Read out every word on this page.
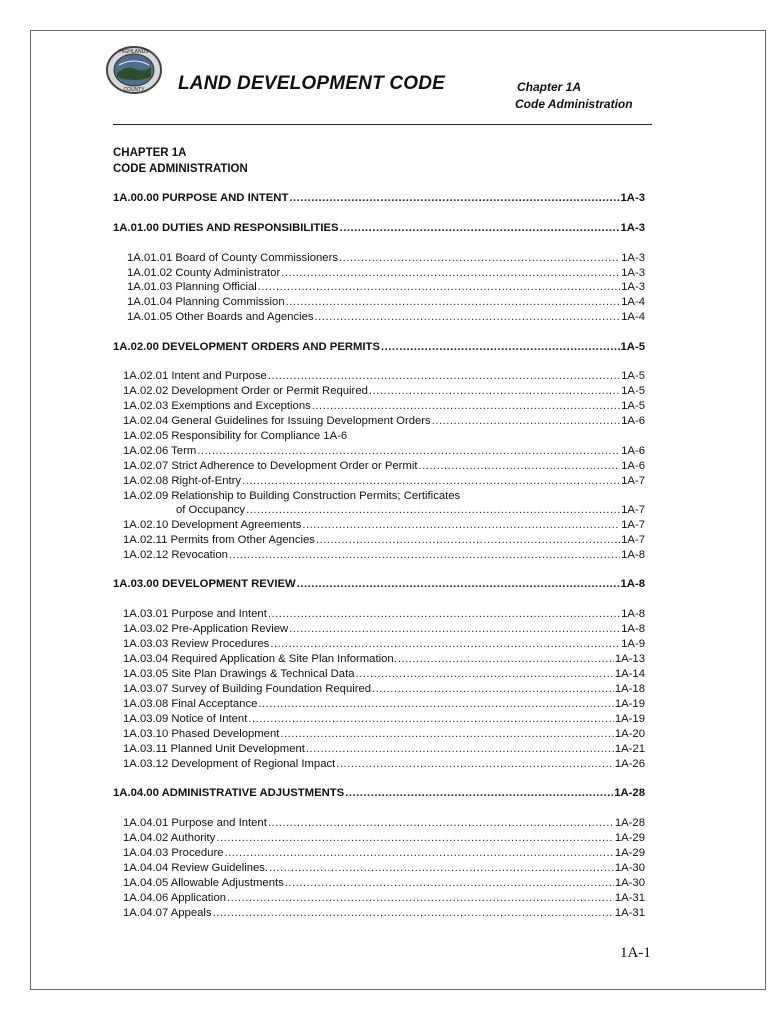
HIGHLANDS
COUNTY LAND DEVELOPMENT CODE	Chapter 1A
Code Administration
CHAPTER 1A
CODE ADMINISTRATION
1A.00.00 PURPOSE AND INTENT .....	1A-3
1A.01.00 DUTIES AND RESPONSIBILITIES .....	1A-3
1A.01.01 Board of County Commissioners .....	1A-3
1A.01.02 County Administrator .....	1A-3
1A.01.03 Planning Official .....	1A-3
1A.01.04 Planning Commission .....	1A-4
1A.01.05 Other Boards and Agencies .....	1A-4
1A.02.00 DEVELOPMENT ORDERS AND PERMITS .....	1A-5
1A.02.01 Intent and Purpose .....	1A-5
1A.02.02 Development Order or Permit Required .....	1A-5
1A.02.03 Exemptions and Exceptions .....	1A-5
1A.02.04 General Guidelines for Issuing Development Orders .....	1A-6
1A.02.05 Responsibility for Compliance 1A-6
1A.02.06 Term .....	1A-6
1A.02.07 Strict Adherence to Development Order or Permit .....	1A-6
1A.02.08 Right-of-Entry .....	1A-7
1A.02.09 Relationship to Building Construction Permits; Certificates
of Occupancy .....	1A-7
1A.02.10 Development Agreements .....	1A-7
1A.02.11 Permits from Other Agencies .....	1A-7
1A.02.12 Revocation .....	1A-8
1A.03.00 DEVELOPMENT REVIEW .....	1A-8
1A.03.01 Purpose and Intent .....	1A-8
1A.03.02 Pre-Application Review .....	1A-8
1A.03.03 Review Procedures .....	1A-9
1A.03.04 Required Application & Site Plan Information. .....	1A-13
1A.03.05 Site Plan Drawings & Technical Data .....	1A-14
1A.03.07 Survey of Building Foundation Required .....	1A-18
1A.03.08 Final Acceptance .....	1A-19
1A.03.09 Notice of Intent .....	1A-19
1A.03.10 Phased Development .....	1A-20
1A.03.11 Planned Unit Development .....	1A-21
1A.03.12 Development of Regional Impact .....	1A-26
1A.04.00 ADMINISTRATIVE ADJUSTMENTS .....	1A-28
1A.04.01 Purpose and Intent .....	1A-28
1A.04.02 Authority .....	1A-29
1A.04.03 Procedure .....	1A-29
1A.04.04 Review Guidelines. .....	1A-30
1A.04.05 Allowable Adjustments .....	1A-30
1A.04.06 Application .....	1A-31
1A.04.07 Appeals .....	1A-31
1A-1
